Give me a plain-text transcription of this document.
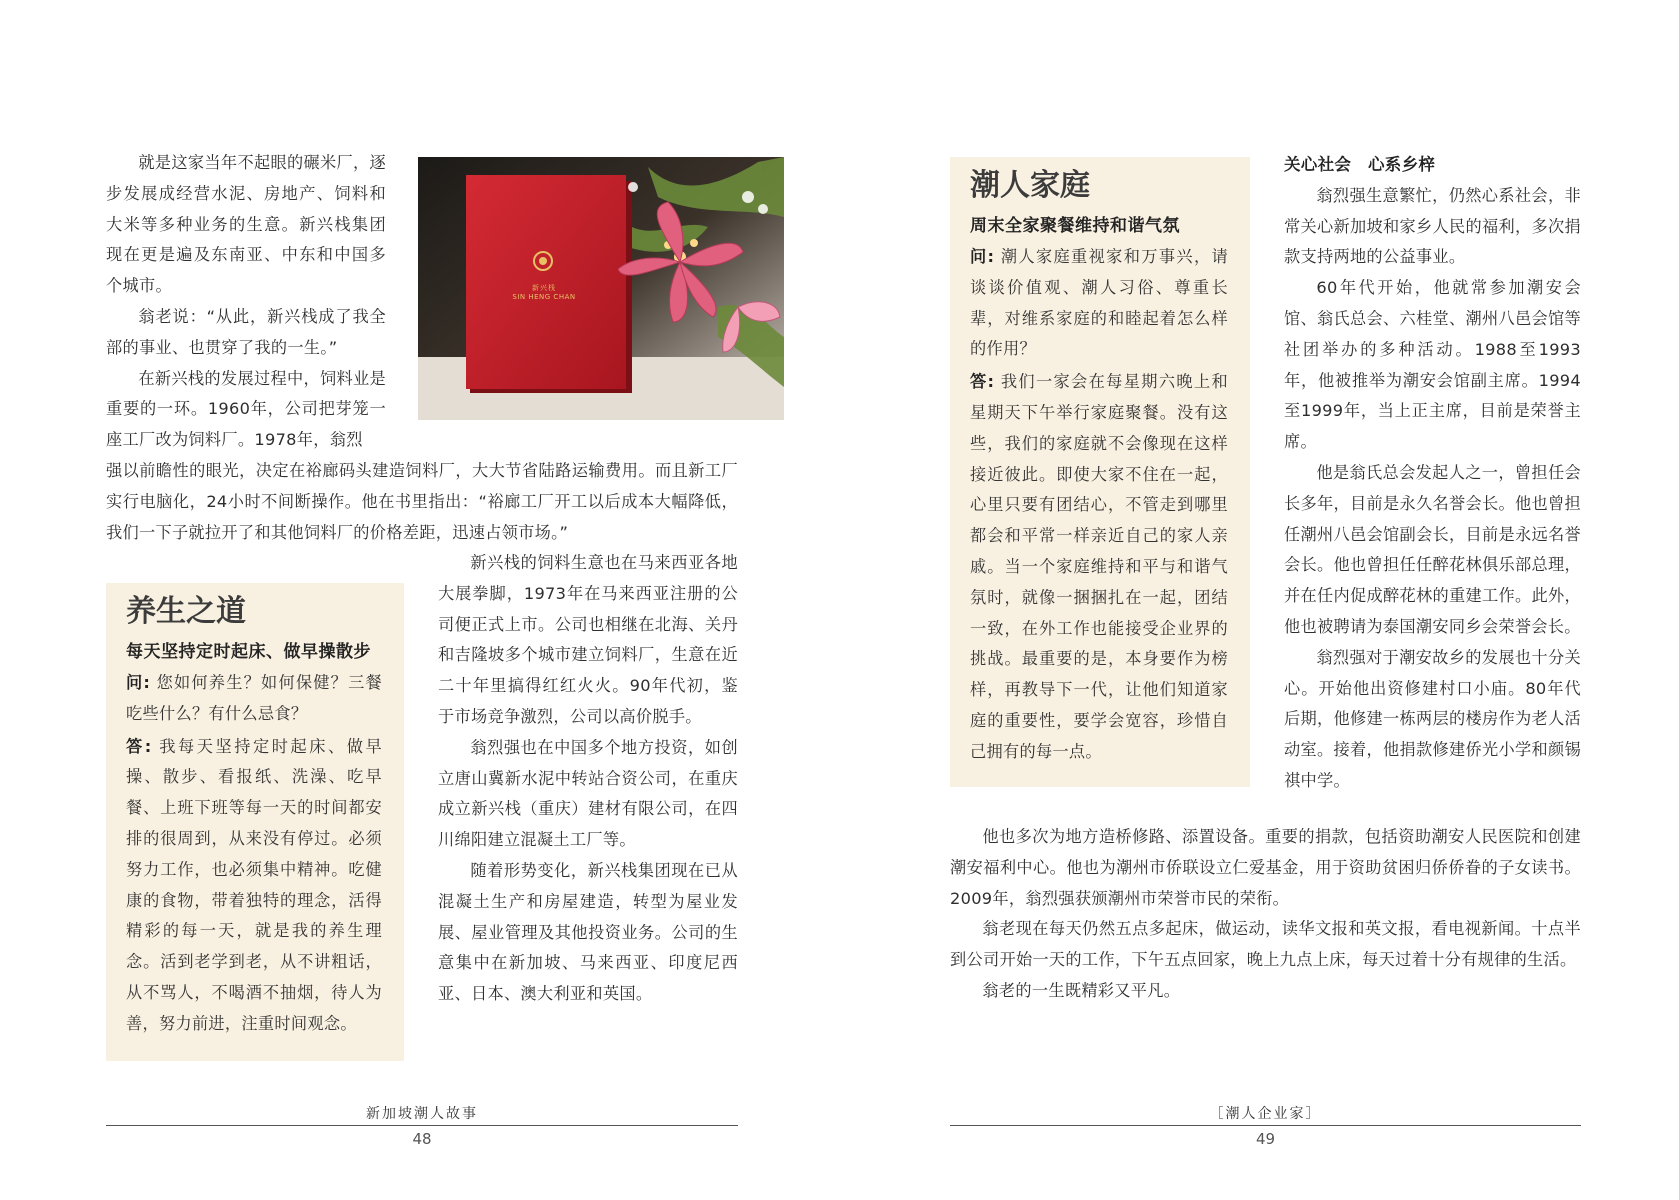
就是这家当年不起眼的碾米厂，逐步发展成经营水泥、房地产、饲料和大米等多种业务的生意。新兴栈集团现在更是遍及东南亚、中东和中国多个城市。

翁老说：“从此，新兴栈成了我全部的事业、也贯穿了我的一生。”

在新兴栈的发展过程中，饲料业是重要的一环。1960年，公司把芽笼一座工厂改为饲料厂。1978年，翁烈

新兴栈
SIN HENG CHAN

强以前瞻性的眼光，决定在裕廊码头建造饲料厂，大大节省陆路运输费用。而且新工厂实行电脑化，24小时不间断操作。他在书里指出：“裕廊工厂开工以后成本大幅降低，我们一下子就拉开了和其他饲料厂的价格差距，迅速占领市场。”

养生之道
每天坚持定时起床、做早操散步

问: 您如何养生？如何保健？三餐吃些什么？有什么忌食？

答: 我每天坚持定时起床、做早操、散步、看报纸、洗澡、吃早餐、上班下班等每一天的时间都安排的很周到，从来没有停过。必须努力工作，也必须集中精神。吃健康的食物，带着独特的理念，活得精彩的每一天，就是我的养生理念。活到老学到老，从不讲粗话，从不骂人，不喝酒不抽烟，待人为善，努力前进，注重时间观念。

新兴栈的饲料生意也在马来西亚各地大展拳脚，1973年在马来西亚注册的公司便正式上市。公司也相继在北海、关丹和吉隆坡多个城市建立饲料厂，生意在近二十年里搞得红红火火。90年代初，鉴于市场竞争激烈，公司以高价脱手。

翁烈强也在中国多个地方投资，如创立唐山冀新水泥中转站合资公司，在重庆成立新兴栈（重庆）建材有限公司，在四川绵阳建立混凝土工厂等。

随着形势变化，新兴栈集团现在已从混凝土生产和房屋建造，转型为屋业发展、屋业管理及其他投资业务。公司的生意集中在新加坡、马来西亚、印度尼西亚、日本、澳大利亚和英国。

新加坡潮人故事
48
潮人家庭
周末全家聚餐维持和谐气氛

问: 潮人家庭重视家和万事兴，请谈谈价值观、潮人习俗、尊重长辈，对维系家庭的和睦起着怎么样的作用？

答: 我们一家会在每星期六晚上和星期天下午举行家庭聚餐。没有这些，我们的家庭就不会像现在这样接近彼此。即使大家不住在一起，心里只要有团结心，不管走到哪里都会和平常一样亲近自己的家人亲戚。当一个家庭维持和平与和谐气氛时，就像一捆捆扎在一起，团结一致，在外工作也能接受企业界的挑战。最重要的是，本身要作为榜样，再教导下一代，让他们知道家庭的重要性，要学会宽容，珍惜自己拥有的每一点。

关心社会　心系乡梓

翁烈强生意繁忙，仍然心系社会，非常关心新加坡和家乡人民的福利，多次捐款支持两地的公益事业。

60年代开始，他就常参加潮安会馆、翁氏总会、六桂堂、潮州八邑会馆等社团举办的多种活动。1988至1993年，他被推举为潮安会馆副主席。1994至1999年，当上正主席，目前是荣誉主席。

他是翁氏总会发起人之一，曾担任会长多年，目前是永久名誉会长。他也曾担任潮州八邑会馆副会长，目前是永远名誉会长。他也曾担任任醉花林俱乐部总理，并在任内促成醉花林的重建工作。此外，他也被聘请为泰国潮安同乡会荣誉会长。

翁烈强对于潮安故乡的发展也十分关心。开始他出资修建村口小庙。80年代后期，他修建一栋两层的楼房作为老人活动室。接着，他捐款修建侨光小学和颜锡祺中学。

他也多次为地方造桥修路、添置设备。重要的捐款，包括资助潮安人民医院和创建潮安福利中心。他也为潮州市侨联设立仁爱基金，用于资助贫困归侨侨眷的子女读书。2009年，翁烈强获颁潮州市荣誉市民的荣衔。

翁老现在每天仍然五点多起床，做运动，读华文报和英文报，看电视新闻。十点半到公司开始一天的工作，下午五点回家，晚上九点上床，每天过着十分有规律的生活。

翁老的一生既精彩又平凡。

［潮人企业家］
49
